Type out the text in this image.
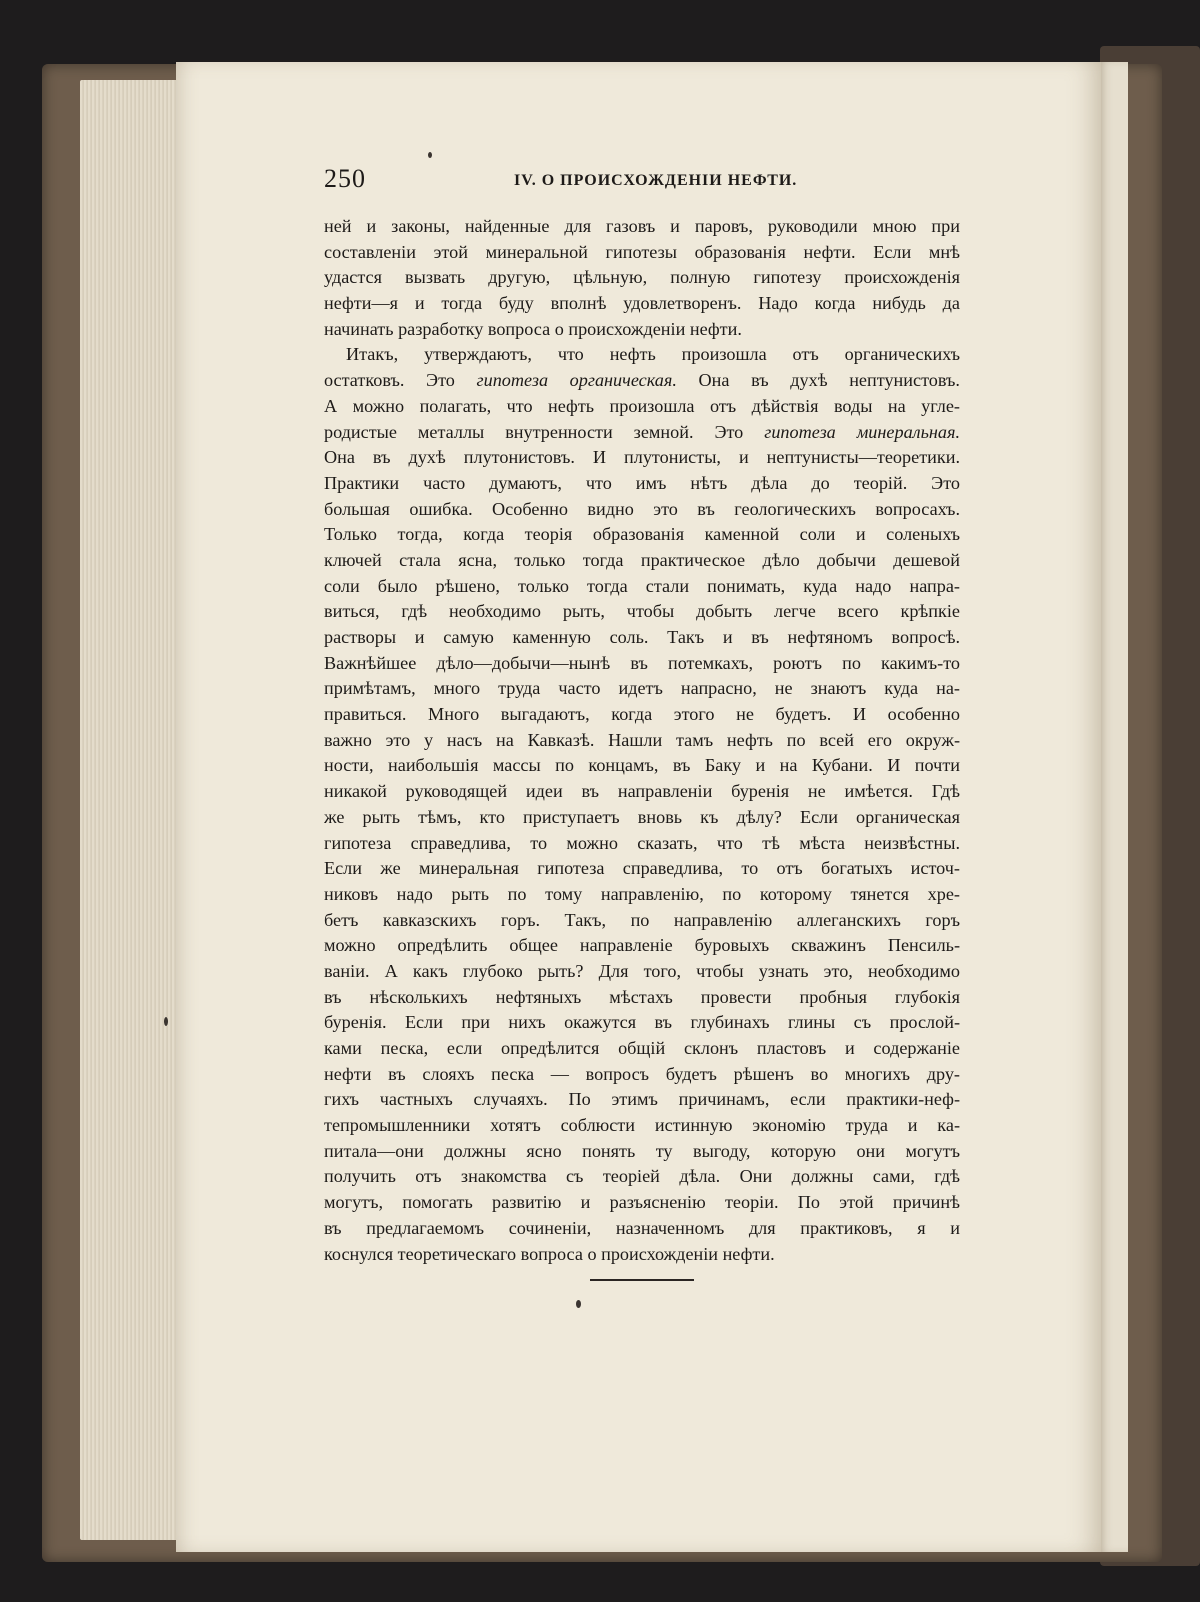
250	IV. О ПРОИСХОЖДЕНІИ НЕФТИ.
ней и законы, найденные для газовъ и паровъ, руководили мною при
составленіи этой минеральной гипотезы образованія нефти. Если мнѣ
удастся вызвать другую, цѣльную, полную гипотезу происхожденія
нефти—я и тогда буду вполнѣ удовлетворенъ. Надо когда нибудь да
начинать разработку вопроса о происхожденіи нефти.
Итакъ, утверждаютъ, что нефть произошла отъ органическихъ
остатковъ. Это гипотеза органическая. Она въ духѣ нептунистовъ.
А можно полагать, что нефть произошла отъ дѣйствія воды на угле-
родистые металлы внутренности земной. Это гипотеза минеральная.
Она въ духѣ плутонистовъ. И плутонисты, и нептунисты—теоретики.
Практики часто думаютъ, что имъ нѣтъ дѣла до теорій. Это
большая ошибка. Особенно видно это въ геологическихъ вопросахъ.
Только тогда, когда теорія образованія каменной соли и соленыхъ
ключей стала ясна, только тогда практическое дѣло добычи дешевой
соли было рѣшено, только тогда стали понимать, куда надо напра-
виться, гдѣ необходимо рыть, чтобы добыть легче всего крѣпкіе
растворы и самую каменную соль. Такъ и въ нефтяномъ вопросѣ.
Важнѣйшее дѣло—добычи—нынѣ въ потемкахъ, роютъ по какимъ-то
примѣтамъ, много труда часто идетъ напрасно, не знаютъ куда на-
правиться. Много выгадаютъ, когда этого не будетъ. И особенно
важно это у насъ на Кавказѣ. Нашли тамъ нефть по всей его окруж-
ности, наибольшія массы по концамъ, въ Баку и на Кубани. И почти
никакой руководящей идеи въ направленіи буренія не имѣется. Гдѣ
же рыть тѣмъ, кто приступаетъ вновь къ дѣлу? Если органическая
гипотеза справедлива, то можно сказать, что тѣ мѣста неизвѣстны.
Если же минеральная гипотеза справедлива, то отъ богатыхъ источ-
никовъ надо рыть по тому направленію, по которому тянется хре-
бетъ кавказскихъ горъ. Такъ, по направленію аллеганскихъ горъ
можно опредѣлить общее направленіе буровыхъ скважинъ Пенсиль-
ваніи. А какъ глубоко рыть? Для того, чтобы узнать это, необходимо
въ нѣсколькихъ нефтяныхъ мѣстахъ провести пробныя глубокія
буренія. Если при нихъ окажутся въ глубинахъ глины съ прослой-
ками песка, если опредѣлится общій склонъ пластовъ и содержаніе
нефти въ слояхъ песка — вопросъ будетъ рѣшенъ во многихъ дру-
гихъ частныхъ случаяхъ. По этимъ причинамъ, если практики-неф-
тепромышленники хотятъ соблюсти истинную экономію труда и ка-
питала—они должны ясно понять ту выгоду, которую они могутъ
получить отъ знакомства съ теоріей дѣла. Они должны сами, гдѣ
могутъ, помогать развитію и разъясненію теоріи. По этой причинѣ
въ предлагаемомъ сочиненіи, назначенномъ для практиковъ, я и
коснулся теоретическаго вопроса о происхожденіи нефти.
